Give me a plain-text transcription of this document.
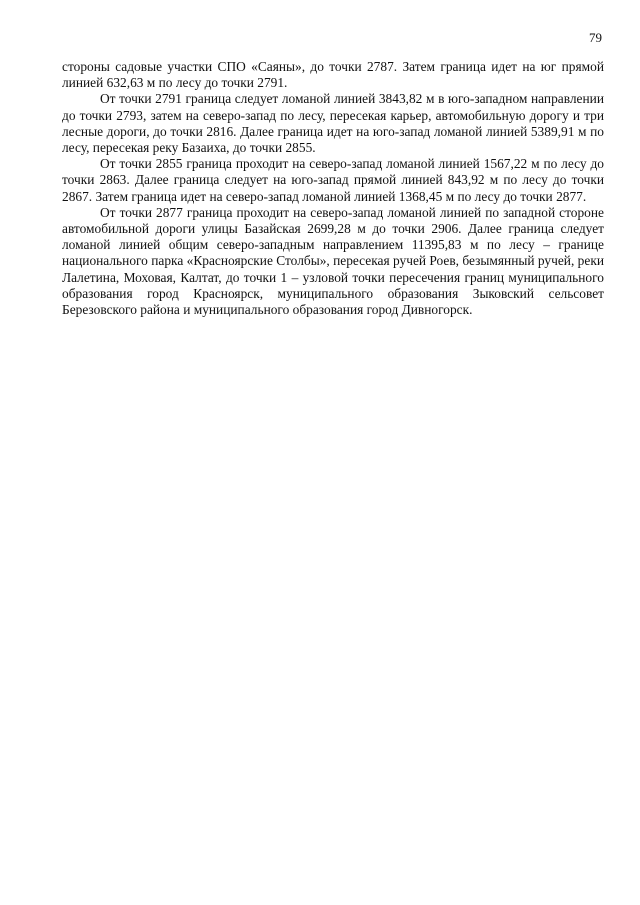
79

стороны садовые участки СПО «Саяны», до точки 2787. Затем граница идет на юг прямой линией 632,63 м по лесу до точки 2791.

От точки 2791 граница следует ломаной линией 3843,82 м в юго-западном направлении до точки 2793, затем на северо-запад по лесу, пересекая карьер, автомобильную дорогу и три лесные дороги, до точки 2816. Далее граница идет на юго-запад ломаной линией 5389,91 м по лесу, пересекая реку Базаиха, до точки 2855.

От точки 2855 граница проходит на северо-запад ломаной линией 1567,22 м по лесу до точки 2863. Далее граница следует на юго-запад прямой линией 843,92 м по лесу до точки 2867. Затем граница идет на северо-запад ломаной линией 1368,45 м по лесу до точки 2877.

От точки 2877 граница проходит на северо-запад ломаной линией по западной стороне автомобильной дороги улицы Базайская 2699,28 м до точки 2906. Далее граница следует ломаной линией общим северо-западным направлением 11395,83 м по лесу – границе национального парка «Красноярские Столбы», пересекая ручей Роев, безымянный ручей, реки Лалетина, Моховая, Калтат, до точки 1 – узловой точки пересечения границ муниципального образования город Красноярск, муниципального образования Зыковский сельсовет Березовского района и муниципального образования город Дивногорск.
